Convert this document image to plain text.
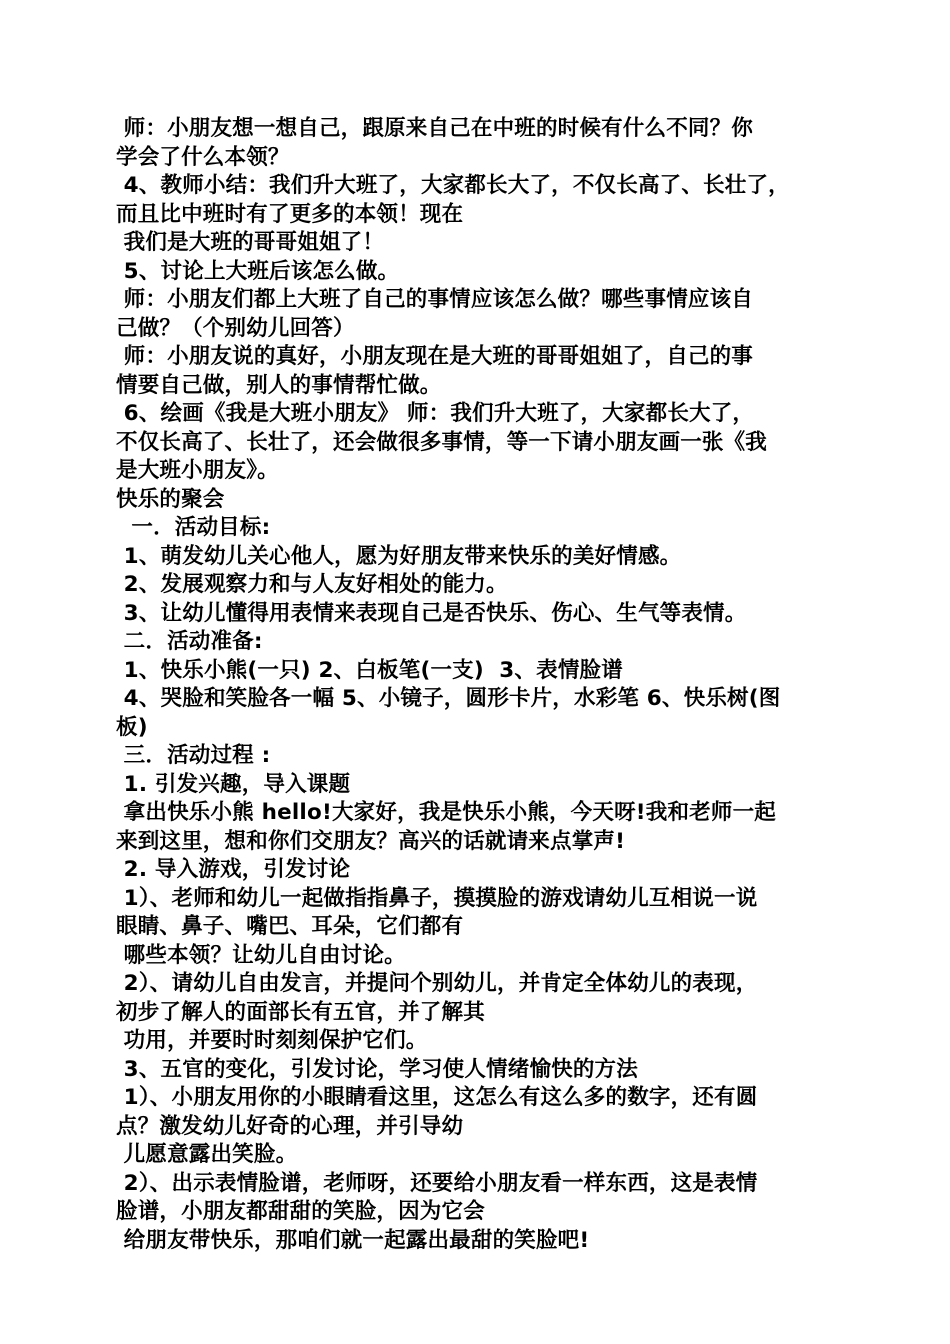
师：小朋友想一想自己，跟原来自己在中班的时候有什么不同？你
学会了什么本领？
4、教师小结：我们升大班了，大家都长大了，不仅长高了、长壮了，
而且比中班时有了更多的本领！现在
我们是大班的哥哥姐姐了！
5、讨论上大班后该怎么做。
师：小朋友们都上大班了自己的事情应该怎么做？哪些事情应该自
己做？（个别幼儿回答）
师：小朋友说的真好，小朋友现在是大班的哥哥姐姐了，自己的事
情要自己做，别人的事情帮忙做。
6、绘画《我是大班小朋友》 师：我们升大班了，大家都长大了，
不仅长高了、长壮了，还会做很多事情，等一下请小朋友画一张《我
是大班小朋友》。
快乐的聚会
一．活动目标:
1、萌发幼儿关心他人，愿为好朋友带来快乐的美好情感。
2、发展观察力和与人友好相处的能力。
3、让幼儿懂得用表情来表现自己是否快乐、伤心、生气等表情。
二．活动准备:
1、快乐小熊(一只) 2、白板笔(一支)  3、表情脸谱
4、哭脸和笑脸各一幅 5、小镜子，圆形卡片，水彩笔 6、快乐树(图
板)
三．活动过程 :
1. 引发兴趣，导入课题
拿出快乐小熊 hello!大家好，我是快乐小熊，今天呀!我和老师一起
来到这里，想和你们交朋友？高兴的话就请来点掌声!
2. 导入游戏，引发讨论
1）、老师和幼儿一起做指指鼻子，摸摸脸的游戏请幼儿互相说一说
眼睛、鼻子、嘴巴、耳朵，它们都有
哪些本领？让幼儿自由讨论。
2）、请幼儿自由发言，并提问个别幼儿，并肯定全体幼儿的表现，
初步了解人的面部长有五官，并了解其
功用，并要时时刻刻保护它们。
3、五官的变化，引发讨论，学习使人情绪愉快的方法
1）、小朋友用你的小眼睛看这里，这怎么有这么多的数字，还有圆
点？激发幼儿好奇的心理，并引导幼
儿愿意露出笑脸。
2）、出示表情脸谱，老师呀，还要给小朋友看一样东西，这是表情
脸谱，小朋友都甜甜的笑脸，因为它会
给朋友带快乐，那咱们就一起露出最甜的笑脸吧!
